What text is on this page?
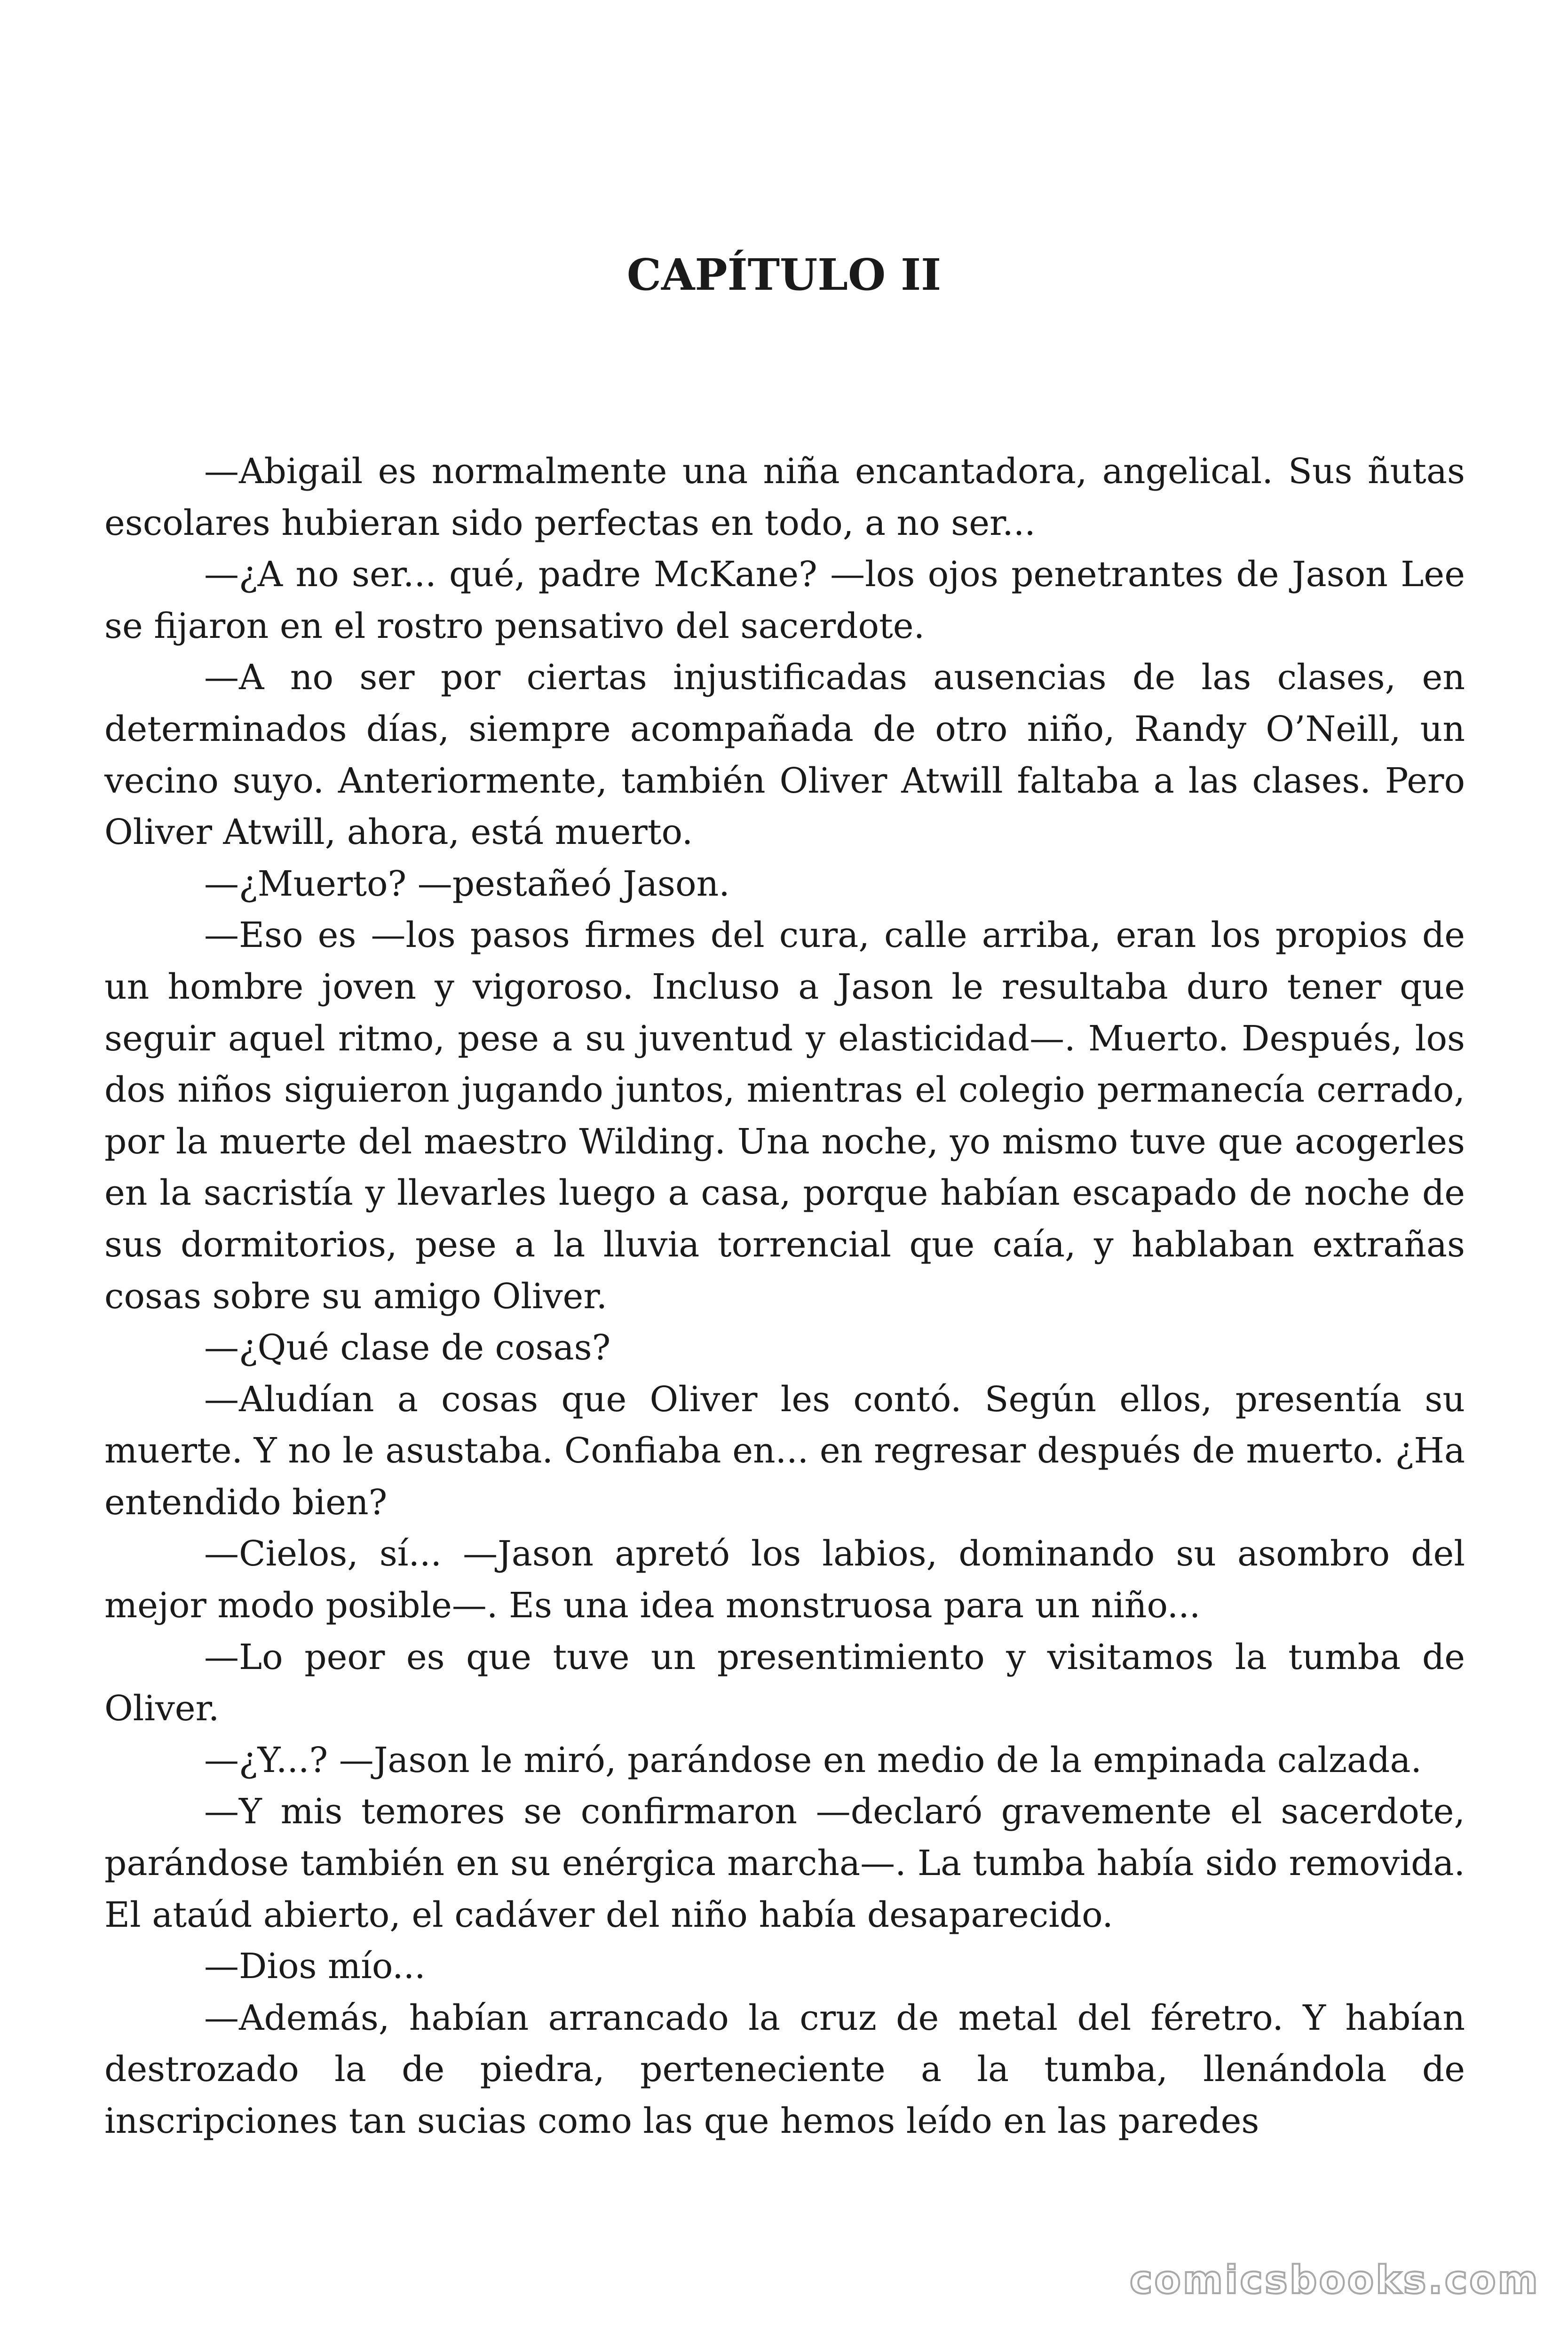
CAPÍTULO II

—Abigail es normalmente una niña encantadora, angelical. Sus ñutas escolares hubieran sido perfectas en todo, a no ser...

—¿A no ser... qué, padre McKane? —los ojos penetrantes de Jason Lee se fijaron en el rostro pensativo del sacerdote.

—A no ser por ciertas injustificadas ausencias de las clases, en determinados días, siempre acompañada de otro niño, Randy O’Neill, un vecino suyo. Anteriormente, también Oliver Atwill faltaba a las clases. Pero Oliver Atwill, ahora, está muerto.

—¿Muerto? —pestañeó Jason.

—Eso es —los pasos firmes del cura, calle arriba, eran los propios de un hombre joven y vigoroso. Incluso a Jason le resultaba duro tener que seguir aquel ritmo, pese a su juventud y elasticidad—. Muerto. Después, los dos niños siguieron jugando juntos, mientras el colegio permanecía cerrado, por la muerte del maestro Wilding. Una noche, yo mismo tuve que acogerles en la sacristía y llevarles luego a casa, porque habían escapado de noche de sus dormitorios, pese a la lluvia torrencial que caía, y hablaban extrañas cosas sobre su amigo Oliver.

—¿Qué clase de cosas?

—Aludían a cosas que Oliver les contó. Según ellos, presentía su muerte. Y no le asustaba. Confiaba en... en regresar después de muerto. ¿Ha entendido bien?

—Cielos, sí... —Jason apretó los labios, dominando su asombro del mejor modo posible—. Es una idea monstruosa para un niño...

—Lo peor es que tuve un presentimiento y visitamos la tumba de Oliver.

—¿Y...? —Jason le miró, parándose en medio de la empinada calzada.

—Y mis temores se confirmaron —declaró gravemente el sacerdote, parándose también en su enérgica marcha—. La tumba había sido removida. El ataúd abierto, el cadáver del niño había desaparecido.

—Dios mío...

—Además, habían arrancado la cruz de metal del féretro. Y habían destrozado la de piedra, perteneciente a la tumba, llenándola de inscripciones tan sucias como las que hemos leído en las paredes

comicsbooks.com
